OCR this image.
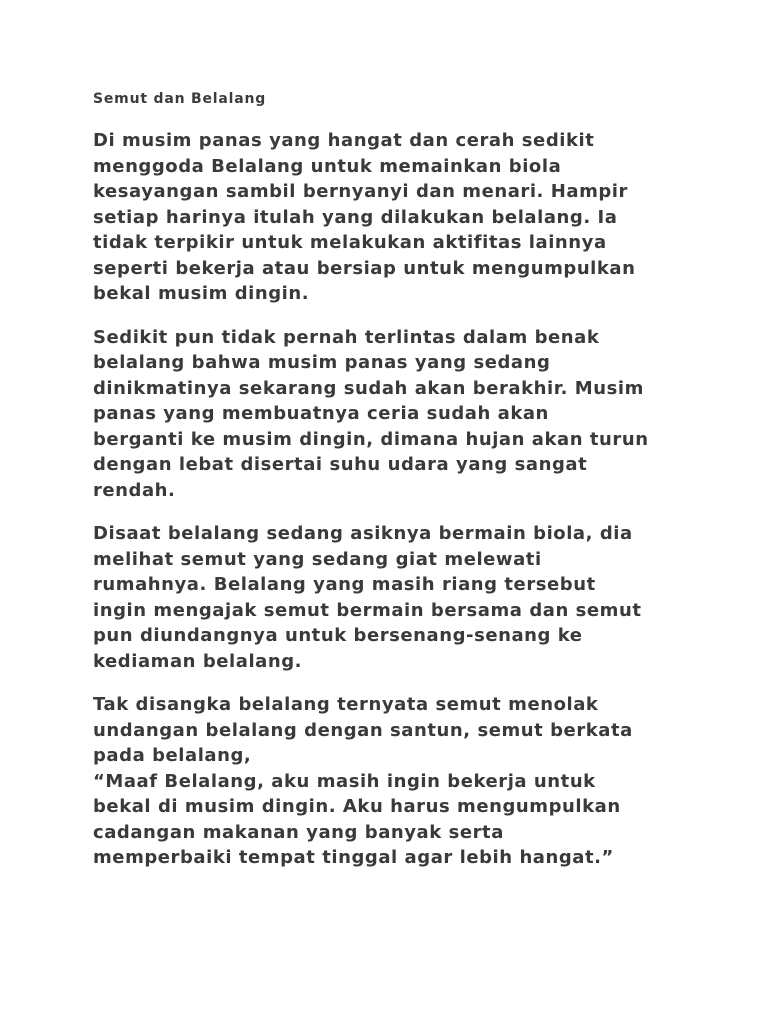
Semut dan Belalang

Di musim panas yang hangat dan cerah sedikit
menggoda Belalang untuk memainkan biola
kesayangan sambil bernyanyi dan menari. Hampir
setiap harinya itulah yang dilakukan belalang. Ia
tidak terpikir untuk melakukan aktifitas lainnya
seperti bekerja atau bersiap untuk mengumpulkan
bekal musim dingin.

Sedikit pun tidak pernah terlintas dalam benak
belalang bahwa musim panas yang sedang
dinikmatinya sekarang sudah akan berakhir. Musim
panas yang membuatnya ceria sudah akan
berganti ke musim dingin, dimana hujan akan turun
dengan lebat disertai suhu udara yang sangat
rendah.

Disaat belalang sedang asiknya bermain biola, dia
melihat semut yang sedang giat melewati
rumahnya. Belalang yang masih riang tersebut
ingin mengajak semut bermain bersama dan semut
pun diundangnya untuk bersenang-senang ke
kediaman belalang.

Tak disangka belalang ternyata semut menolak
undangan belalang dengan santun, semut berkata
pada belalang,
“Maaf Belalang, aku masih ingin bekerja untuk
bekal di musim dingin. Aku harus mengumpulkan
cadangan makanan yang banyak serta
memperbaiki tempat tinggal agar lebih hangat.”
